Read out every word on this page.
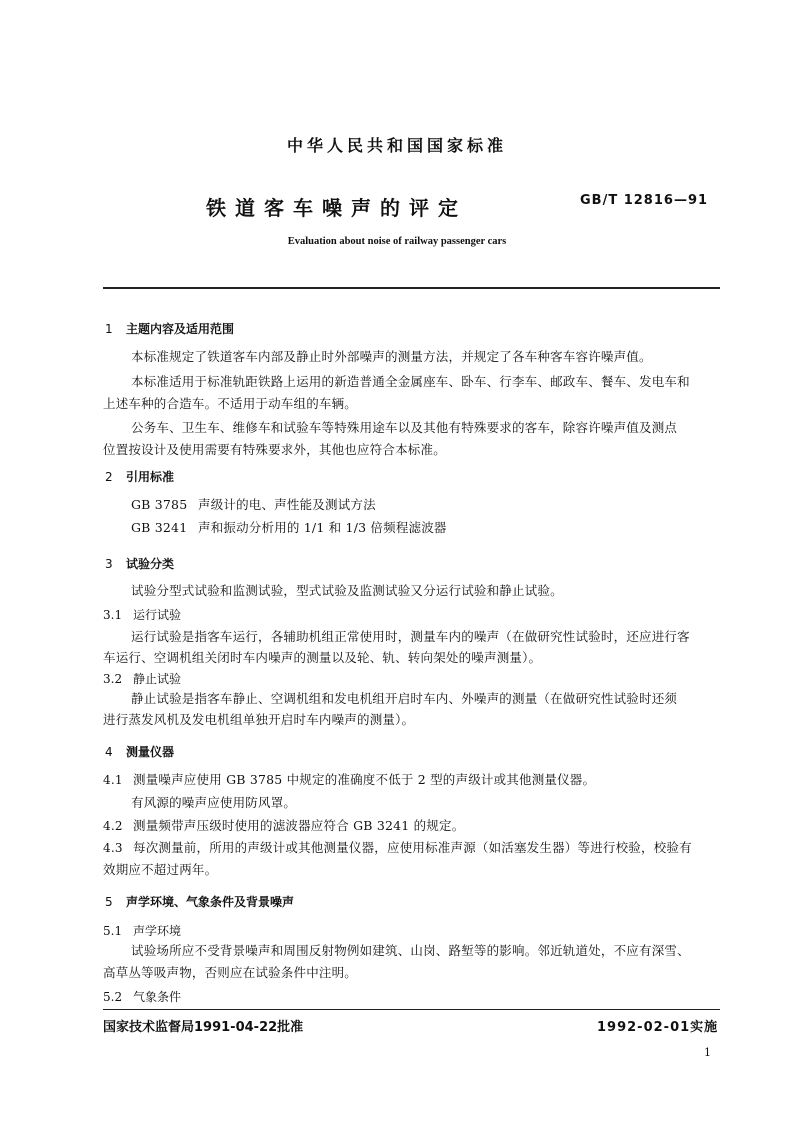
中华人民共和国国家标准
铁道客车噪声的评定	GB/T 12816—91
Evaluation about noise of railway passenger cars
1 主题内容及适用范围
本标准规定了铁道客车内部及静止时外部噪声的测量方法，并规定了各车种客车容许噪声值。
本标准适用于标准轨距铁路上运用的新造普通全金属座车、卧车、行李车、邮政车、餐车、发电车和
上述车种的合造车。不适用于动车组的车辆。
公务车、卫生车、维修车和试验车等特殊用途车以及其他有特殊要求的客车，除容许噪声值及测点
位置按设计及使用需要有特殊要求外，其他也应符合本标准。
2 引用标准
GB 3785 声级计的电、声性能及测试方法
GB 3241 声和振动分析用的 1/1 和 1/3 倍频程滤波器
3 试验分类
试验分型式试验和监测试验，型式试验及监测试验又分运行试验和静止试验。
3.1 运行试验
运行试验是指客车运行，各辅助机组正常使用时，测量车内的噪声（在做研究性试验时，还应进行客
车运行、空调机组关闭时车内噪声的测量以及轮、轨、转向架处的噪声测量）。
3.2 静止试验
静止试验是指客车静止、空调机组和发电机组开启时车内、外噪声的测量（在做研究性试验时还须
进行蒸发风机及发电机组单独开启时车内噪声的测量）。
4 测量仪器
4.1 测量噪声应使用 GB 3785 中规定的准确度不低于 2 型的声级计或其他测量仪器。
有风源的噪声应使用防风罩。
4.2 测量频带声压级时使用的滤波器应符合 GB 3241 的规定。
4.3 每次测量前，所用的声级计或其他测量仪器，应使用标准声源（如活塞发生器）等进行校验，校验有
效期应不超过两年。
5 声学环境、气象条件及背景噪声
5.1 声学环境
试验场所应不受背景噪声和周围反射物例如建筑、山岗、路堑等的影响。邻近轨道处，不应有深雪、
高草丛等吸声物，否则应在试验条件中注明。
5.2 气象条件
国家技术监督局1991-04-22批准	1992-02-01实施
1
